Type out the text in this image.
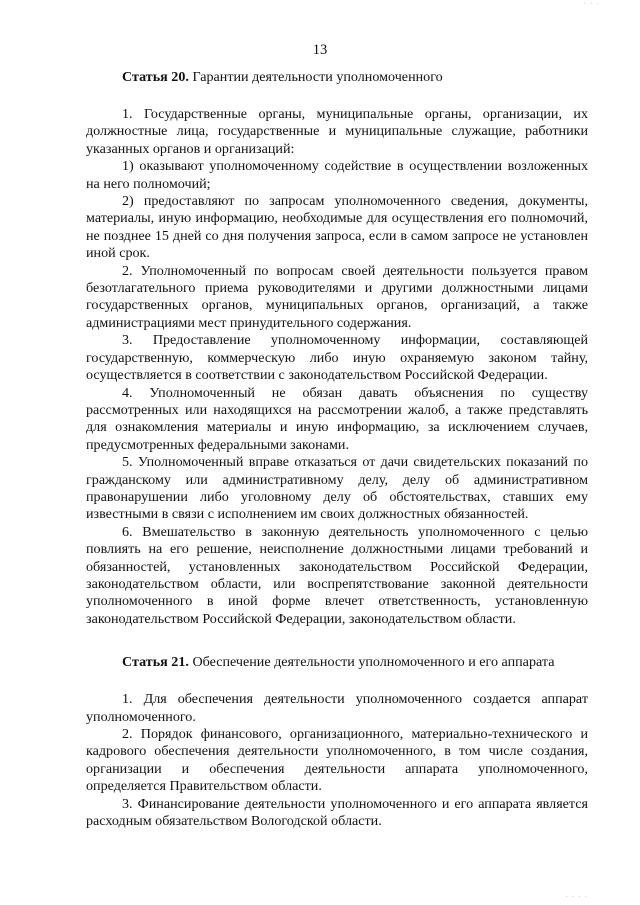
· · ·
13

Статья 20. Гарантии деятельности уполномоченного

1. Государственные органы, муниципальные органы, организации, их должностные лица, государственные и муниципальные служащие, работники указанных органов и организаций:

1) оказывают уполномоченному содействие в осуществлении возложенных на него полномочий;

2) предоставляют по запросам уполномоченного сведения, документы, материалы, иную информацию, необходимые для осуществления его полномочий, не позднее 15 дней со дня получения запроса, если в самом запросе не установлен иной срок.

2. Уполномоченный по вопросам своей деятельности пользуется правом безотлагательного приема руководителями и другими должностными лицами государственных органов, муниципальных органов, организаций, а также администрациями мест принудительного содержания.

3. Предоставление уполномоченному информации, составляющей государственную, коммерческую либо иную охраняемую законом тайну, осуществляется в соответствии с законодательством Российской Федерации.

4. Уполномоченный не обязан давать объяснения по существу рассмотренных или находящихся на рассмотрении жалоб, а также представлять для ознакомления материалы и иную информацию, за исключением случаев, предусмотренных федеральными законами.

5. Уполномоченный вправе отказаться от дачи свидетельских показаний по гражданскому или административному делу, делу об административном правонарушении либо уголовному делу об обстоятельствах, ставших ему известными в связи с исполнением им своих должностных обязанностей.

6. Вмешательство в законную деятельность уполномоченного с целью повлиять на его решение, неисполнение должностными лицами требований и обязанностей, установленных законодательством Российской Федерации, законодательством области, или воспрепятствование законной деятельности уполномоченного в иной форме влечет ответственность, установленную законодательством Российской Федерации, законодательством области.

Статья 21. Обеспечение деятельности уполномоченного и его аппарата

1. Для обеспечения деятельности уполномоченного создается аппарат уполномоченного.

2. Порядок финансового, организационного, материально-технического и кадрового обеспечения деятельности уполномоченного, в том числе создания, организации и обеспечения деятельности аппарата уполномоченного, определяется Правительством области.

3. Финансирование деятельности уполномоченного и его аппарата является расходным обязательством Вологодской области.

· · · ·
